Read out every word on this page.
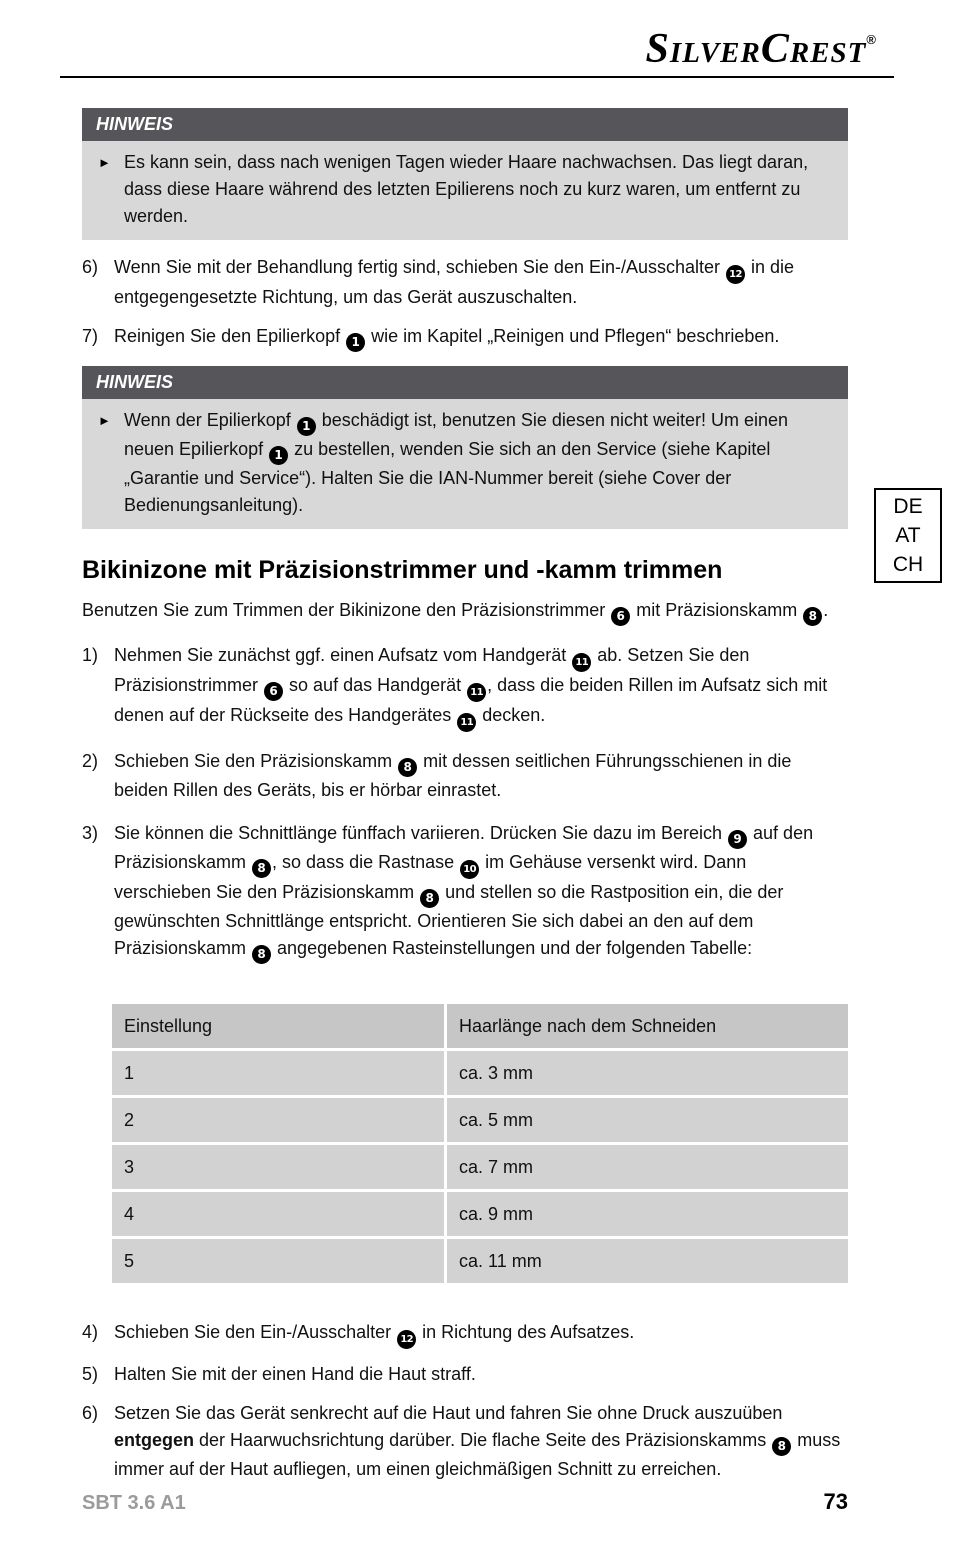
SilverCrest®
DE
AT
CH
HINWEIS
► Es kann sein, dass nach wenigen Tagen wieder Haare nachwachsen. Das liegt daran, dass diese Haare während des letzten Epilierens noch zu kurz waren, um entfernt zu werden.
6) Wenn Sie mit der Behandlung fertig sind, schieben Sie den Ein-/Ausschalter 12 in die entgegengesetzte Richtung, um das Gerät auszuschalten.
7) Reinigen Sie den Epilierkopf 1 wie im Kapitel „Reinigen und Pflegen“ beschrieben.
HINWEIS
► Wenn der Epilierkopf 1 beschädigt ist, benutzen Sie diesen nicht weiter! Um einen neuen Epilierkopf 1 zu bestellen, wenden Sie sich an den Service (siehe Kapitel „Garantie und Service“). Halten Sie die IAN-Nummer bereit (siehe Cover der Bedienungsanleitung).
Bikinizone mit Präzisionstrimmer und -kamm trimmen
Benutzen Sie zum Trimmen der Bikinizone den Präzisionstrimmer 6 mit Präzisionskamm 8 .
1) Nehmen Sie zunächst ggf. einen Aufsatz vom Handgerät 11 ab. Setzen Sie den Präzisionstrimmer 6 so auf das Handgerät 11 , dass die beiden Rillen im Aufsatz sich mit denen auf der Rückseite des Handgerätes 11 decken.
2) Schieben Sie den Präzisionskamm 8 mit dessen seitlichen Führungsschienen in die beiden Rillen des Geräts, bis er hörbar einrastet.
3) Sie können die Schnittlänge fünffach variieren. Drücken Sie dazu im Bereich 9 auf den Präzisionskamm 8 , so dass die Rastnase 10 im Gehäuse versenkt wird. Dann verschieben Sie den Präzisionskamm 8 und stellen so die Rastposition ein, die der gewünschten Schnittlänge entspricht. Orientieren Sie sich dabei an den auf dem Präzisionskamm 8 angegebenen Rasteinstellungen und der folgenden Tabelle:
Einstellung	Haarlänge nach dem Schneiden
1	ca. 3 mm
2	ca. 5 mm
3	ca. 7 mm
4	ca. 9 mm
5	ca. 11 mm
4) Schieben Sie den Ein-/Ausschalter 12 in Richtung des Aufsatzes.
5) Halten Sie mit der einen Hand die Haut straff.
6) Setzen Sie das Gerät senkrecht auf die Haut und fahren Sie ohne Druck auszuüben entgegen der Haarwuchsrichtung darüber. Die flache Seite des Präzisionskamms 8 muss immer auf der Haut aufliegen, um einen gleichmäßigen Schnitt zu erreichen.
SBT 3.6 A1	73
